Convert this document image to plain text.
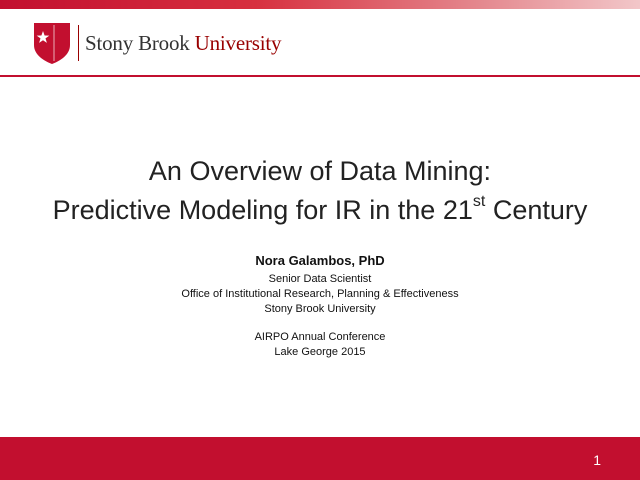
Stony Brook University
An Overview of Data Mining:
Predictive Modeling for IR in the 21st Century
Nora Galambos, PhD
Senior Data Scientist
Office of Institutional Research, Planning & Effectiveness
Stony Brook University
AIRPO Annual Conference
Lake George 2015
1
